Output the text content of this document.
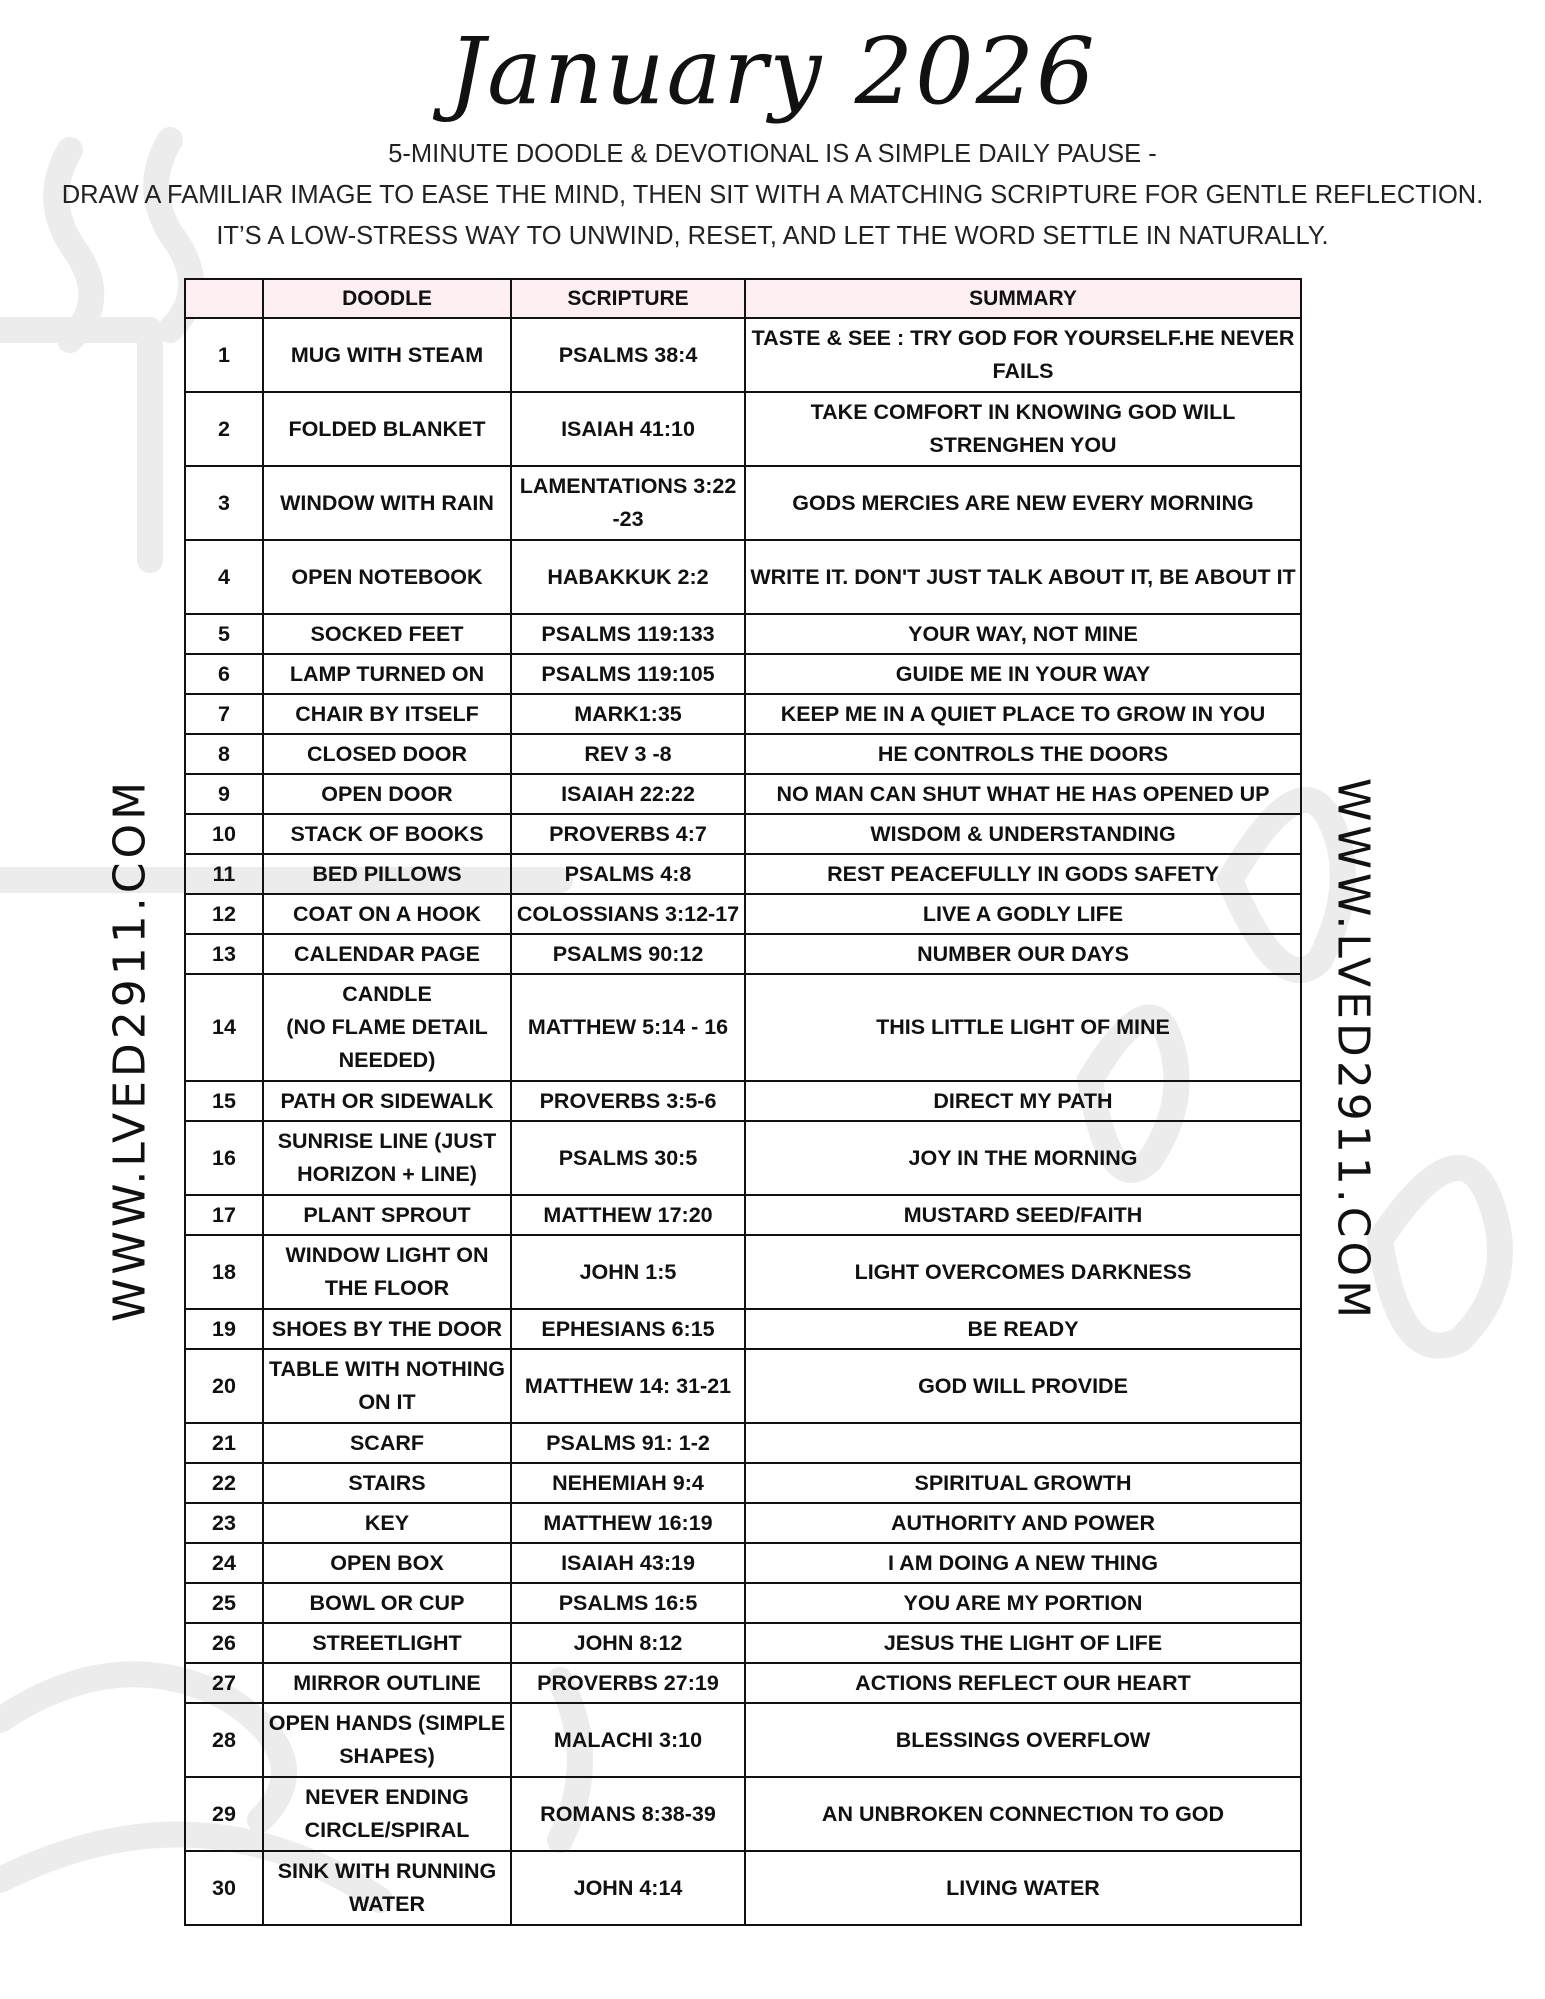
January 2026
5-MINUTE DOODLE & DEVOTIONAL IS A SIMPLE DAILY PAUSE -
DRAW A FAMILIAR IMAGE TO EASE THE MIND, THEN SIT WITH A MATCHING SCRIPTURE FOR GENTLE REFLECTION.
IT’S A LOW-STRESS WAY TO UNWIND, RESET, AND LET THE WORD SETTLE IN NATURALLY.
WWW.LVED2911.COM	WWW.LVED2911.COM
	DOODLE	SCRIPTURE	SUMMARY
1	MUG WITH STEAM	PSALMS 38:4	TASTE & SEE : TRY GOD FOR YOURSELF.HE NEVER FAILS
2	FOLDED BLANKET	ISAIAH 41:10	TAKE COMFORT IN KNOWING GOD WILL STRENGHEN YOU
3	WINDOW WITH RAIN	LAMENTATIONS 3:22 -23	GODS MERCIES ARE NEW EVERY MORNING
4	OPEN NOTEBOOK	HABAKKUK 2:2	WRITE IT. DON'T JUST TALK ABOUT IT, BE ABOUT IT
5	SOCKED FEET	PSALMS 119:133	YOUR WAY, NOT MINE
6	LAMP TURNED ON	PSALMS 119:105	GUIDE ME IN YOUR WAY
7	CHAIR BY ITSELF	MARK1:35	KEEP ME IN A QUIET PLACE TO GROW IN YOU
8	CLOSED DOOR	REV 3 -8	HE CONTROLS THE DOORS
9	OPEN DOOR	ISAIAH 22:22	NO MAN CAN SHUT WHAT HE HAS OPENED UP
10	STACK OF BOOKS	PROVERBS 4:7	WISDOM & UNDERSTANDING
11	BED PILLOWS	PSALMS 4:8	REST PEACEFULLY IN GODS SAFETY
12	COAT ON A HOOK	COLOSSIANS 3:12-17	LIVE A GODLY LIFE
13	CALENDAR PAGE	PSALMS 90:12	NUMBER OUR DAYS
14	CANDLE
(NO FLAME DETAIL NEEDED)	MATTHEW 5:14 - 16	THIS LITTLE LIGHT OF MINE
15	PATH OR SIDEWALK	PROVERBS 3:5-6	DIRECT MY PATH
16	SUNRISE LINE (JUST HORIZON + LINE)	PSALMS 30:5	JOY IN THE MORNING
17	PLANT SPROUT	MATTHEW 17:20	MUSTARD SEED/FAITH
18	WINDOW LIGHT ON THE FLOOR	JOHN 1:5	LIGHT OVERCOMES DARKNESS
19	SHOES BY THE DOOR	EPHESIANS 6:15	BE READY
20	TABLE WITH NOTHING ON IT	MATTHEW 14: 31-21	GOD WILL PROVIDE
21	SCARF	PSALMS 91: 1-2	
22	STAIRS	NEHEMIAH 9:4	SPIRITUAL GROWTH
23	KEY	MATTHEW 16:19	AUTHORITY AND POWER
24	OPEN BOX	ISAIAH 43:19	I AM DOING A NEW THING
25	BOWL OR CUP	PSALMS 16:5	YOU ARE MY PORTION
26	STREETLIGHT	JOHN 8:12	JESUS THE LIGHT OF LIFE
27	MIRROR OUTLINE	PROVERBS 27:19	ACTIONS REFLECT OUR HEART
28	OPEN HANDS (SIMPLE SHAPES)	MALACHI 3:10	BLESSINGS OVERFLOW
29	NEVER ENDING CIRCLE/SPIRAL	ROMANS 8:38-39	AN UNBROKEN CONNECTION TO GOD
30	SINK WITH RUNNING WATER	JOHN 4:14	LIVING WATER
